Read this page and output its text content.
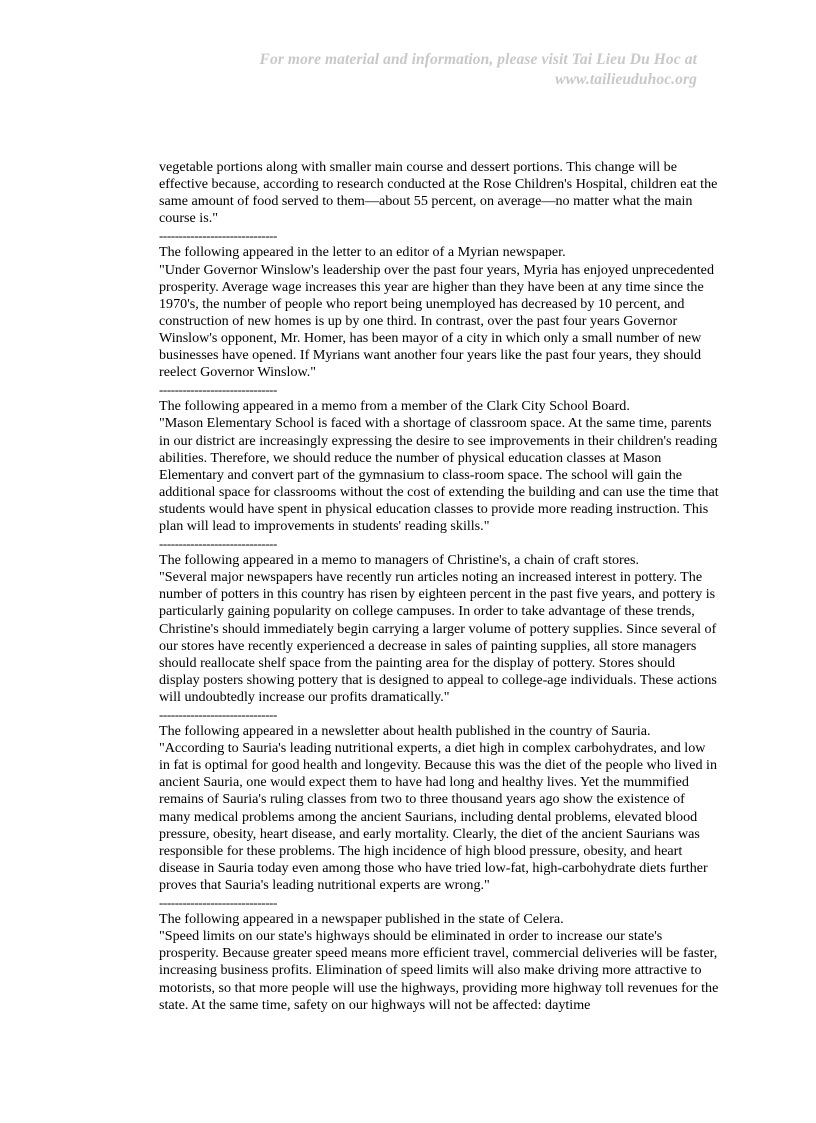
For more material and information, please visit Tai Lieu Du Hoc at
www.tailieuduhoc.org

vegetable portions along with smaller main course and dessert portions. This change will be effective because, according to research conducted at the Rose Children's Hospital, children eat the same amount of food served to them—about 55 percent, on average—no matter what the main course is."

------------------------------

The following appeared in the letter to an editor of a Myrian newspaper.

"Under Governor Winslow's leadership over the past four years, Myria has enjoyed unprecedented prosperity. Average wage increases this year are higher than they have been at any time since the 1970's, the number of people who report being unemployed has decreased by 10 percent, and construction of new homes is up by one third. In contrast, over the past four years Governor Winslow's opponent, Mr. Homer, has been mayor of a city in which only a small number of new businesses have opened. If Myrians want another four years like the past four years, they should reelect Governor Winslow."

------------------------------

The following appeared in a memo from a member of the Clark City School Board.

"Mason Elementary School is faced with a shortage of classroom space. At the same time, parents in our district are increasingly expressing the desire to see improvements in their children's reading abilities. Therefore, we should reduce the number of physical education classes at Mason Elementary and convert part of the gymnasium to class-room space. The school will gain the additional space for classrooms without the cost of extending the building and can use the time that students would have spent in physical education classes to provide more reading instruction. This plan will lead to improvements in students' reading skills."

------------------------------

The following appeared in a memo to managers of Christine's, a chain of craft stores.

"Several major newspapers have recently run articles noting an increased interest in pottery. The number of potters in this country has risen by eighteen percent in the past five years, and pottery is particularly gaining popularity on college campuses. In order to take advantage of these trends, Christine's should immediately begin carrying a larger volume of pottery supplies. Since several of our stores have recently experienced a decrease in sales of painting supplies, all store managers should reallocate shelf space from the painting area for the display of pottery. Stores should display posters showing pottery that is designed to appeal to college-age individuals. These actions will undoubtedly increase our profits dramatically."

------------------------------

The following appeared in a newsletter about health published in the country of Sauria.

"According to Sauria's leading nutritional experts, a diet high in complex carbohydrates, and low in fat is optimal for good health and longevity. Because this was the diet of the people who lived in ancient Sauria, one would expect them to have had long and healthy lives. Yet the mummified remains of Sauria's ruling classes from two to three thousand years ago show the existence of many medical problems among the ancient Saurians, including dental problems, elevated blood pressure, obesity, heart disease, and early mortality. Clearly, the diet of the ancient Saurians was responsible for these problems. The high incidence of high blood pressure, obesity, and heart disease in Sauria today even among those who have tried low-fat, high-carbohydrate diets further proves that Sauria's leading nutritional experts are wrong."

------------------------------

The following appeared in a newspaper published in the state of Celera.

"Speed limits on our state's highways should be eliminated in order to increase our state's prosperity. Because greater speed means more efficient travel, commercial deliveries will be faster, increasing business profits. Elimination of speed limits will also make driving more attractive to motorists, so that more people will use the highways, providing more highway toll revenues for the state. At the same time, safety on our highways will not be affected: daytime
